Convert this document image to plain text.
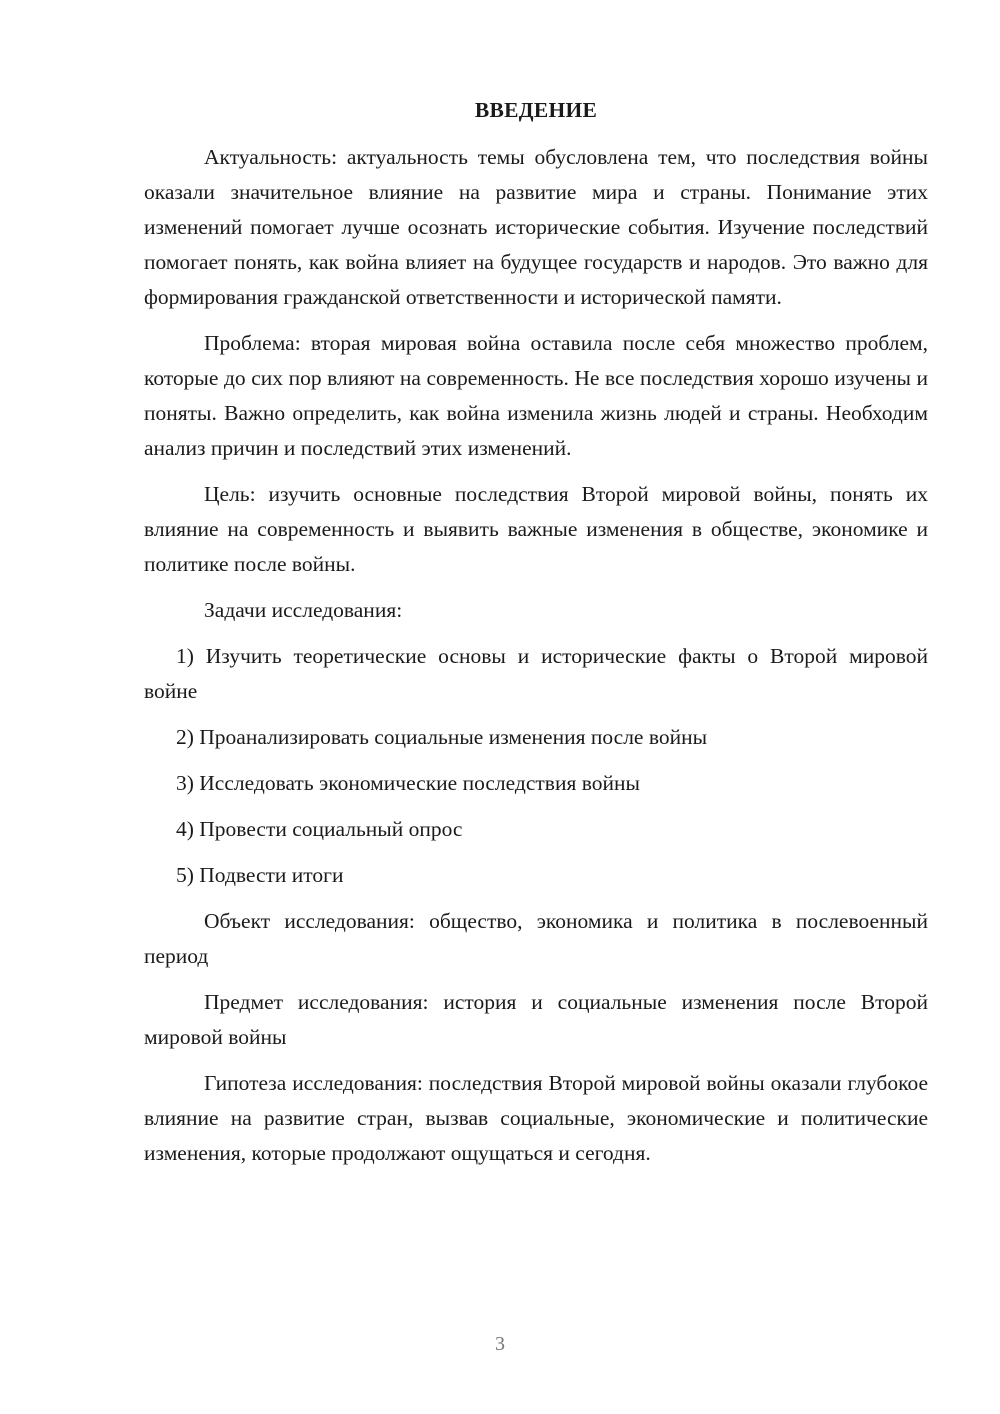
ВВЕДЕНИЕ

Актуальность: актуальность темы обусловлена тем, что последствия войны оказали значительное влияние на развитие мира и страны. Понимание этих изменений помогает лучше осознать исторические события. Изучение последствий помогает понять, как война влияет на будущее государств и народов. Это важно для формирования гражданской ответственности и исторической памяти.

Проблема: вторая мировая война оставила после себя множество проблем, которые до сих пор влияют на современность. Не все последствия хорошо изучены и поняты. Важно определить, как война изменила жизнь людей и страны. Необходим анализ причин и последствий этих изменений.

Цель: изучить основные последствия Второй мировой войны, понять их влияние на современность и выявить важные изменения в обществе, экономике и политике после войны.

Задачи исследования:

1) Изучить теоретические основы и исторические факты о Второй мировой войне

2) Проанализировать социальные изменения после войны

3) Исследовать экономические последствия войны

4) Провести социальный опрос

5) Подвести итоги

Объект исследования: общество, экономика и политика в послевоенный период

Предмет исследования: история и социальные изменения после Второй мировой войны

Гипотеза исследования: последствия Второй мировой войны оказали глубокое влияние на развитие стран, вызвав социальные, экономические и политические изменения, которые продолжают ощущаться и сегодня.

3
